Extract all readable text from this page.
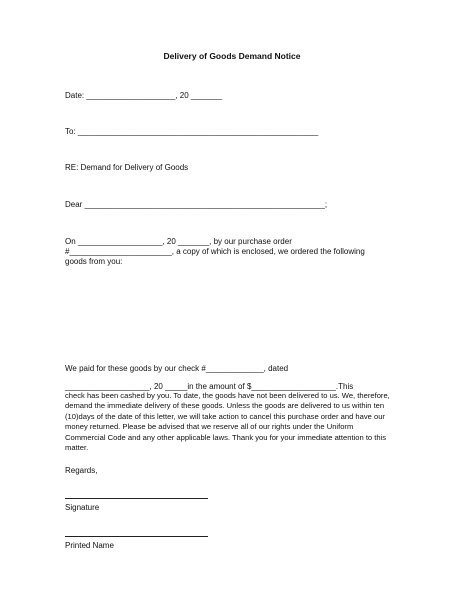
Delivery of Goods Demand Notice
Date: ____________________, 20 _______
To: ______________________________________________________
RE: Demand for Delivery of Goods
Dear ______________________________________________________;
On ___________________, 20 _______, by our purchase order
#_______________________, a copy of which is enclosed, we ordered the following
goods from you:
We paid for these goods by our check #_____________, dated
___________________, 20 _____in the amount of $___________________.This
check has been cashed by you. To date, the goods have not been delivered to us. We, therefore, demand the immediate delivery of these goods. Unless the goods are delivered to us within ten (10)days of the date of this letter, we will take action to cancel this purchase order and have our money returned. Please be advised that we reserve all of our rights under the Uniform Commercial Code and any other applicable laws. Thank you for your immediate attention to this matter.
Regards,
Signature
Printed Name
